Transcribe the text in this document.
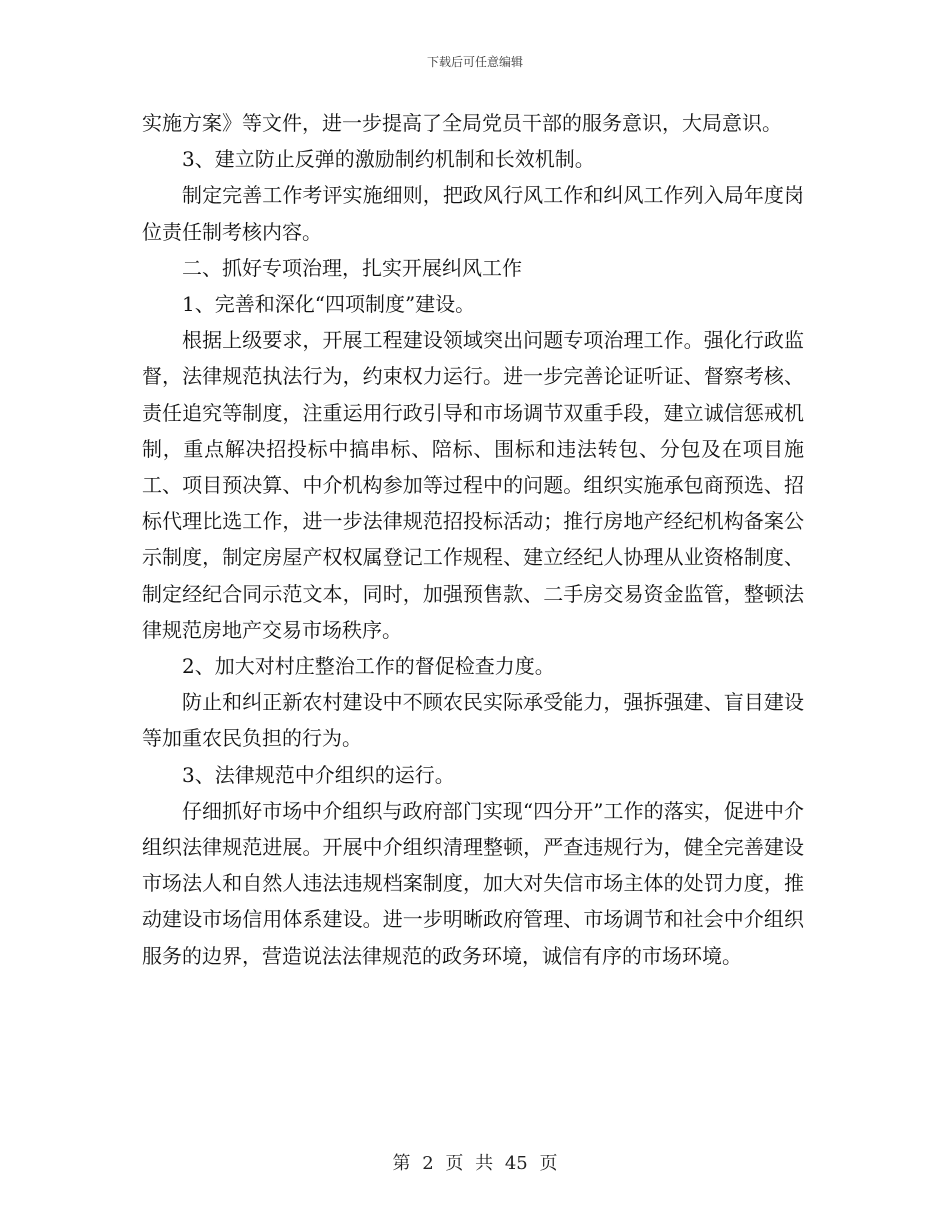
下载后可任意编辑

实施方案》等文件，进一步提高了全局党员干部的服务意识，大局意识。

3、建立防止反弹的激励制约机制和长效机制。

制定完善工作考评实施细则，把政风行风工作和纠风工作列入局年度岗位责任制考核内容。

二、抓好专项治理，扎实开展纠风工作

1、完善和深化“四项制度”建设。

根据上级要求，开展工程建设领域突出问题专项治理工作。强化行政监督，法律规范执法行为，约束权力运行。进一步完善论证听证、督察考核、责任追究等制度，注重运用行政引导和市场调节双重手段，建立诚信惩戒机制，重点解决招投标中搞串标、陪标、围标和违法转包、分包及在项目施工、项目预决算、中介机构参加等过程中的问题。组织实施承包商预选、招标代理比选工作，进一步法律规范招投标活动；推行房地产经纪机构备案公示制度，制定房屋产权权属登记工作规程、建立经纪人协理从业资格制度、制定经纪合同示范文本，同时，加强预售款、二手房交易资金监管，整顿法律规范房地产交易市场秩序。

2、加大对村庄整治工作的督促检查力度。

防止和纠正新农村建设中不顾农民实际承受能力，强拆强建、盲目建设等加重农民负担的行为。

3、法律规范中介组织的运行。

仔细抓好市场中介组织与政府部门实现“四分开”工作的落实，促进中介组织法律规范进展。开展中介组织清理整顿，严查违规行为，健全完善建设市场法人和自然人违法违规档案制度，加大对失信市场主体的处罚力度，推动建设市场信用体系建设。进一步明晰政府管理、市场调节和社会中介组织服务的边界，营造说法法律规范的政务环境，诚信有序的市场环境。

第 2 页 共 45 页
